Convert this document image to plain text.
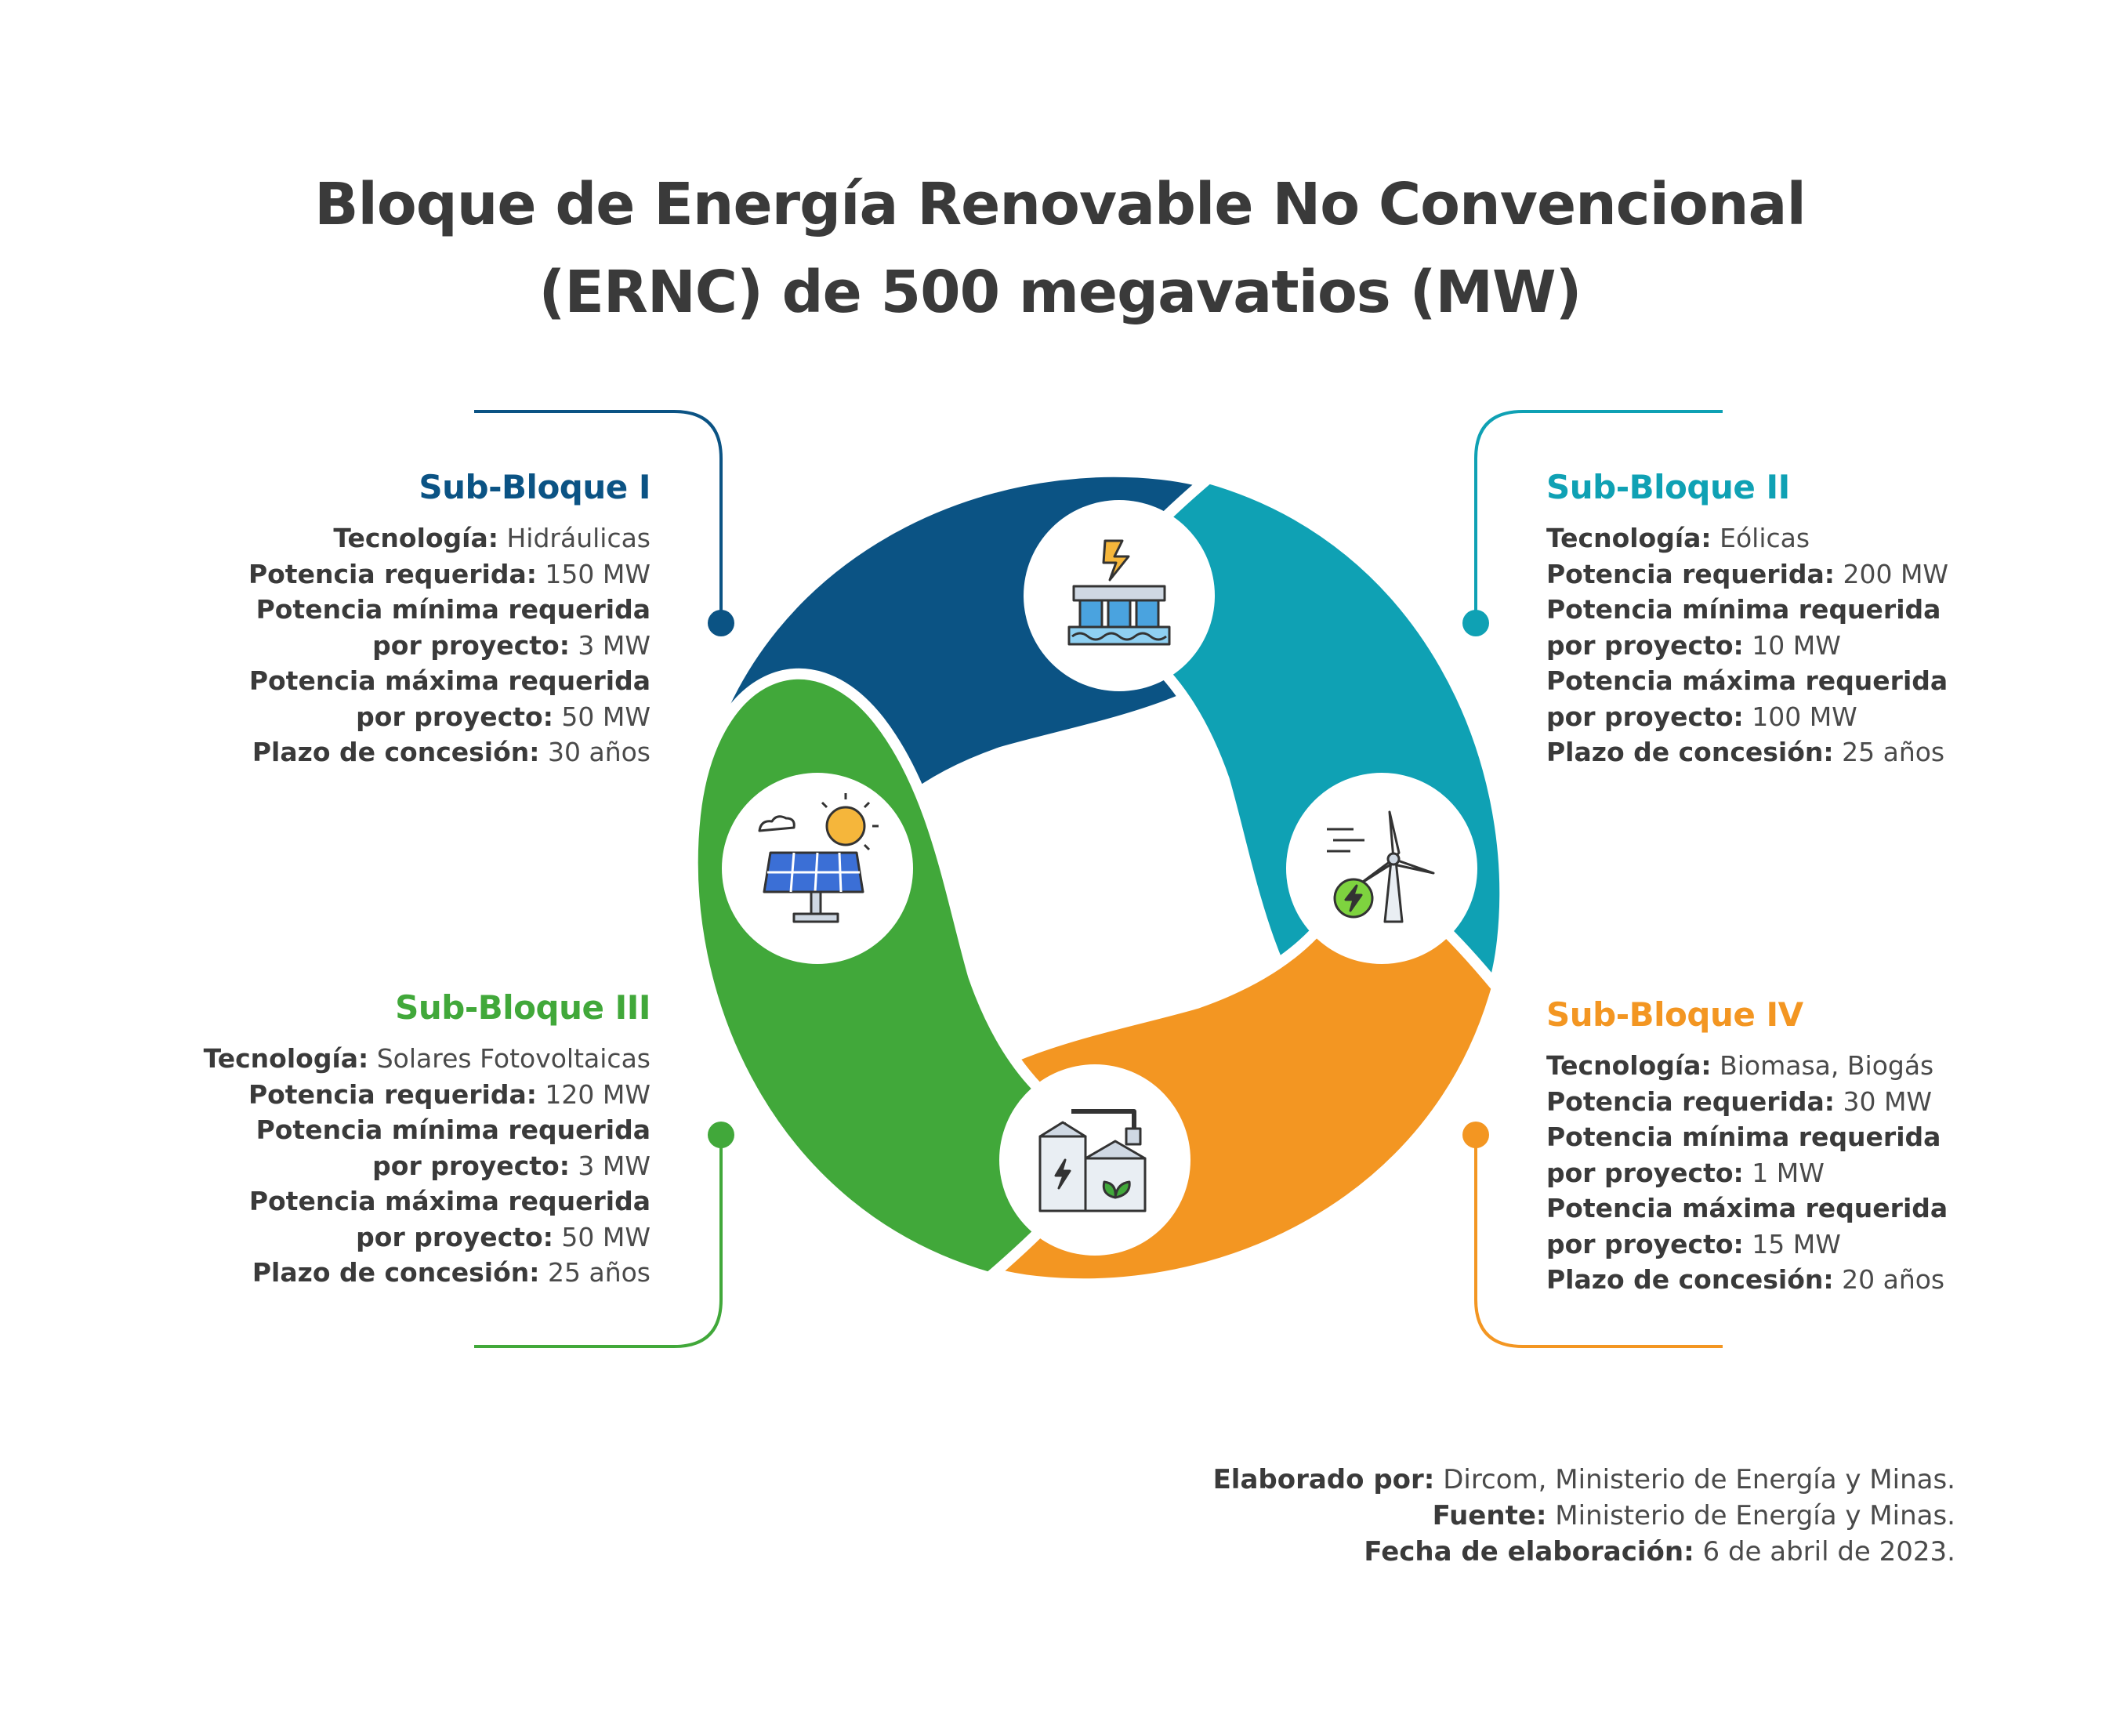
Bloque de Energía Renovable No Convencional
(ERNC) de 500 megavatios (MW)
Sub-Bloque I
Tecnología: Hidráulicas
Potencia requerida: 150 MW
Potencia mínima requerida
por proyecto: 3 MW
Potencia máxima requerida
por proyecto: 50 MW
Plazo de concesión: 30 años
Sub-Bloque II
Tecnología: Eólicas
Potencia requerida: 200 MW
Potencia mínima requerida
por proyecto: 10 MW
Potencia máxima requerida
por proyecto: 100 MW
Plazo de concesión: 25 años
Sub-Bloque III
Tecnología: Solares Fotovoltaicas
Potencia requerida: 120 MW
Potencia mínima requerida
por proyecto: 3 MW
Potencia máxima requerida
por proyecto: 50 MW
Plazo de concesión: 25 años
Sub-Bloque IV
Tecnología: Biomasa, Biogás
Potencia requerida: 30 MW
Potencia mínima requerida
por proyecto: 1 MW
Potencia máxima requerida
por proyecto: 15 MW
Plazo de concesión: 20 años
Elaborado por: Dircom, Ministerio de Energía y Minas.
Fuente: Ministerio de Energía y Minas.
Fecha de elaboración: 6 de abril de 2023.
